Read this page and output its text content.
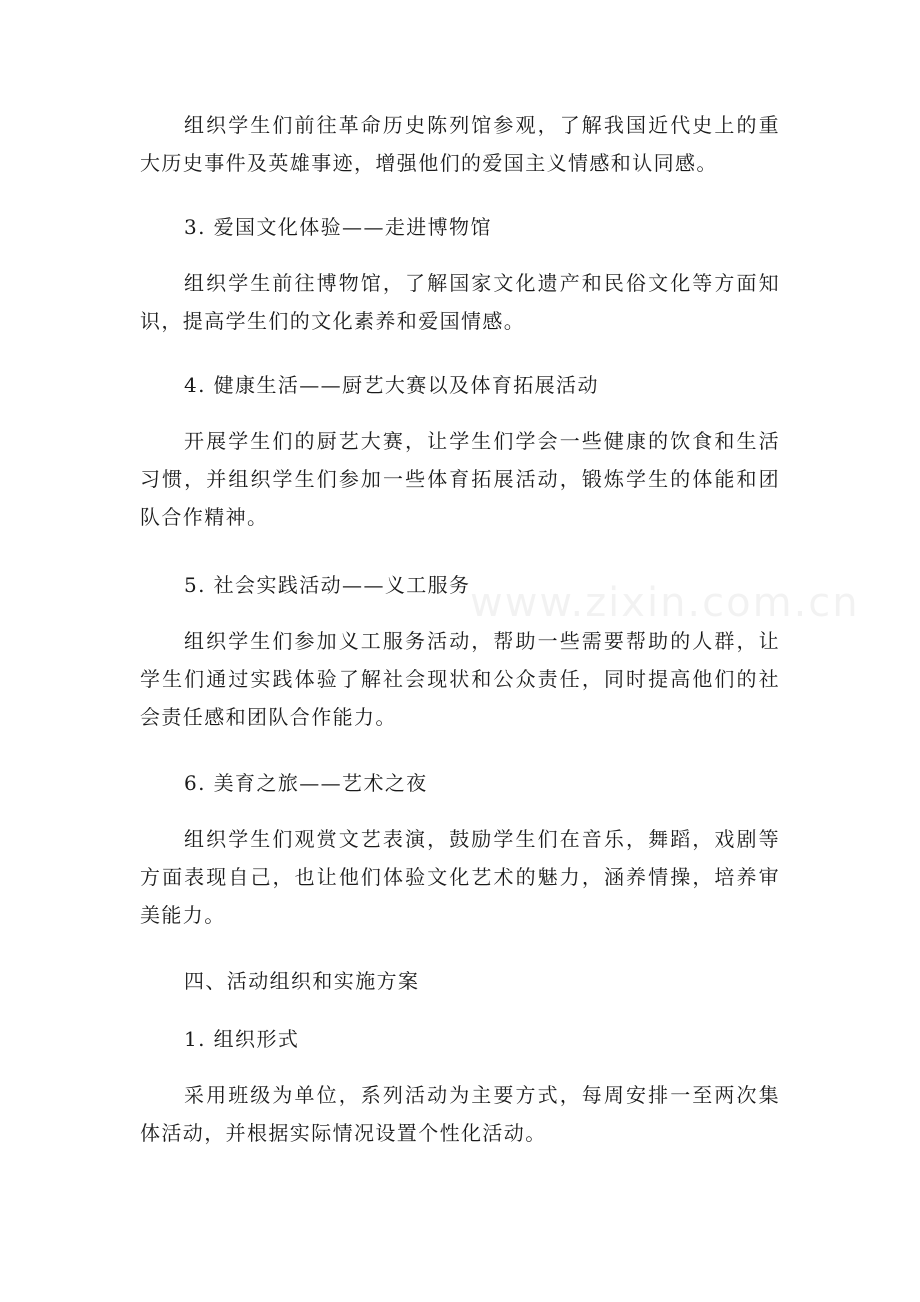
组织学生们前往革命历史陈列馆参观，了解我国近代史上的重大历史事件及英雄事迹，增强他们的爱国主义情感和认同感。

3. 爱国文化体验——走进博物馆

组织学生前往博物馆，了解国家文化遗产和民俗文化等方面知识，提高学生们的文化素养和爱国情感。

4. 健康生活——厨艺大赛以及体育拓展活动

开展学生们的厨艺大赛，让学生们学会一些健康的饮食和生活习惯，并组织学生们参加一些体育拓展活动，锻炼学生的体能和团队合作精神。

5. 社会实践活动——义工服务

组织学生们参加义工服务活动，帮助一些需要帮助的人群，让学生们通过实践体验了解社会现状和公众责任，同时提高他们的社会责任感和团队合作能力。

6. 美育之旅——艺术之夜

组织学生们观赏文艺表演，鼓励学生们在音乐，舞蹈，戏剧等方面表现自己，也让他们体验文化艺术的魅力，涵养情操，培养审美能力。

四、活动组织和实施方案

1. 组织形式

采用班级为单位，系列活动为主要方式，每周安排一至两次集体活动，并根据实际情况设置个性化活动。

www.zixin.com.cn
